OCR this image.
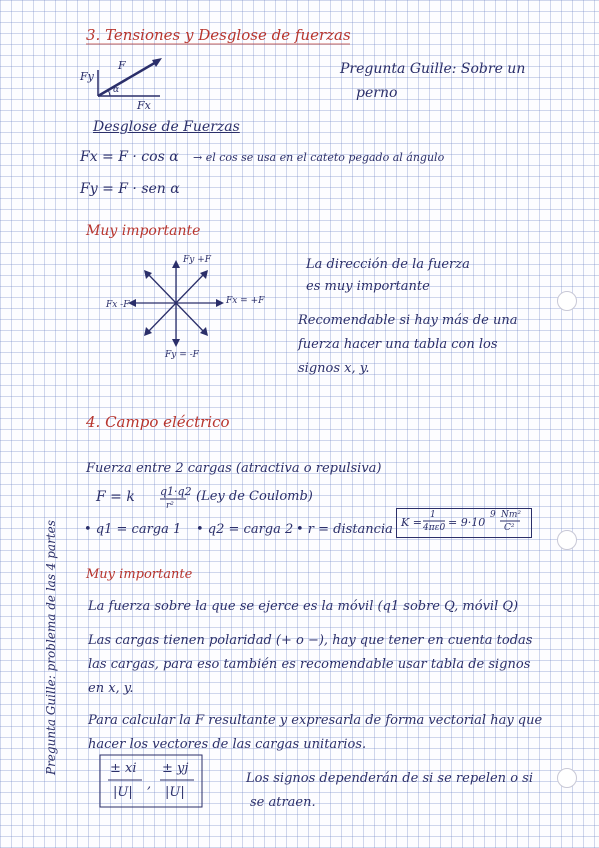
3. Tensiones y Desglose de fuerzas
Pregunta Guille: Sobre un
perno
Fy
F
Fx
α
Desglose de Fuerzas
Fx = F · cos α → el cos se usa en el cateto pegado al ángulo
Fy = F · sen α
Muy importante
Fy +F
Fx -F	Fx = +F
Fy = -F
La dirección de la fuerza
es muy importante
Recomendable si hay más de una
fuerza hacer una tabla con los
signos x, y.
4. Campo eléctrico
Fuerza entre 2 cargas (atractiva o repulsiva)
F = k q1·q2
r²
(Ley de Coulomb)
• q1 = carga 1 • q2 = carga 2 • r = distancia K =
1
4πε0 = 9·10
9 Nm²
C²
Muy importante
La fuerza sobre la que se ejerce es la móvil (q1 sobre Q, móvil Q)
Las cargas tienen polaridad (+ o −), hay que tener en cuenta todas
las cargas, para eso también es recomendable usar tabla de signos
en x, y.
Para calcular la F resultante y expresarla de forma vectorial hay que
hacer los vectores de las cargas unitarios.
± xi
|U|
,
± yj
|U|
Los signos dependerán de si se repelen o si
se atraen.
Pregunta Guille: problema de las 4 partes
